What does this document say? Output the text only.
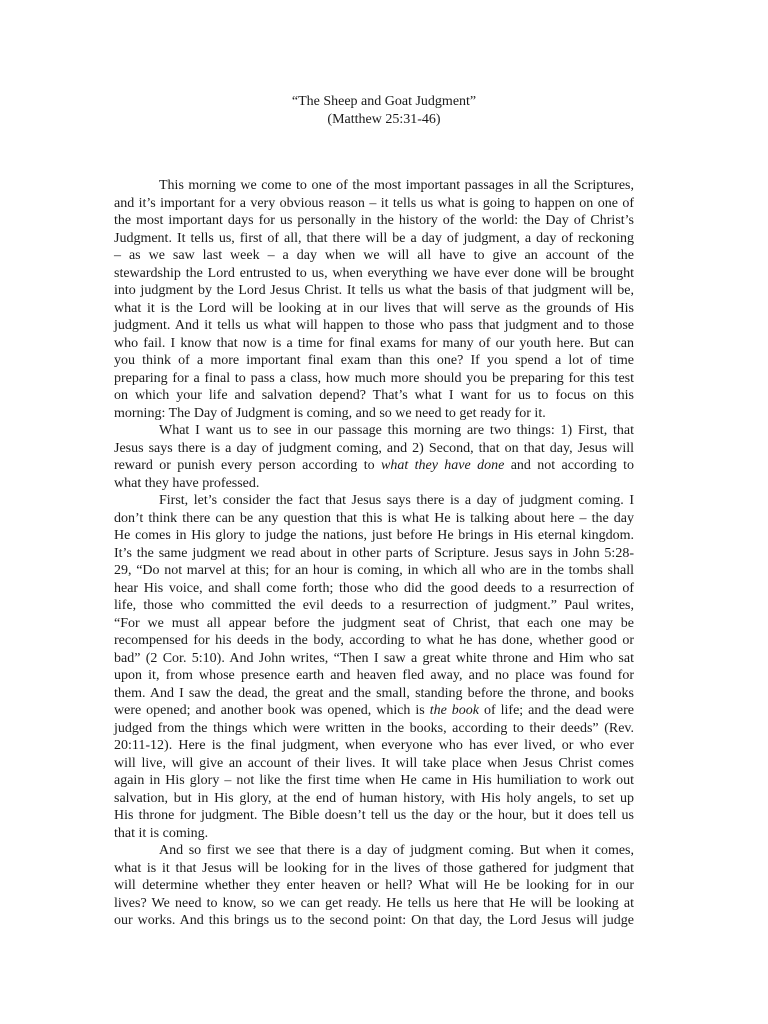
“The Sheep and Goat Judgment”
(Matthew 25:31-46)
This morning we come to one of the most important passages in all the Scriptures,
and it’s important for a very obvious reason – it tells us what is going to happen on one of
the most important days for us personally in the history of the world: the Day of Christ’s
Judgment. It tells us, first of all, that there will be a day of judgment, a day of reckoning
– as we saw last week – a day when we will all have to give an account of the
stewardship the Lord entrusted to us, when everything we have ever done will be brought
into judgment by the Lord Jesus Christ. It tells us what the basis of that judgment will be,
what it is the Lord will be looking at in our lives that will serve as the grounds of His
judgment. And it tells us what will happen to those who pass that judgment and to those
who fail. I know that now is a time for final exams for many of our youth here. But can
you think of a more important final exam than this one? If you spend a lot of time
preparing for a final to pass a class, how much more should you be preparing for this test
on which your life and salvation depend? That’s what I want for us to focus on this
morning: The Day of Judgment is coming, and so we need to get ready for it.
What I want us to see in our passage this morning are two things: 1) First, that
Jesus says there is a day of judgment coming, and 2) Second, that on that day, Jesus will
reward or punish every person according to what they have done and not according to
what they have professed.
First, let’s consider the fact that Jesus says there is a day of judgment coming. I
don’t think there can be any question that this is what He is talking about here – the day
He comes in His glory to judge the nations, just before He brings in His eternal kingdom.
It’s the same judgment we read about in other parts of Scripture. Jesus says in John 5:28-
29, “Do not marvel at this; for an hour is coming, in which all who are in the tombs shall
hear His voice, and shall come forth; those who did the good deeds to a resurrection of
life, those who committed the evil deeds to a resurrection of judgment.” Paul writes,
“For we must all appear before the judgment seat of Christ, that each one may be
recompensed for his deeds in the body, according to what he has done, whether good or
bad” (2 Cor. 5:10). And John writes, “Then I saw a great white throne and Him who sat
upon it, from whose presence earth and heaven fled away, and no place was found for
them. And I saw the dead, the great and the small, standing before the throne, and books
were opened; and another book was opened, which is the book of life; and the dead were
judged from the things which were written in the books, according to their deeds” (Rev.
20:11-12). Here is the final judgment, when everyone who has ever lived, or who ever
will live, will give an account of their lives. It will take place when Jesus Christ comes
again in His glory – not like the first time when He came in His humiliation to work out
salvation, but in His glory, at the end of human history, with His holy angels, to set up
His throne for judgment. The Bible doesn’t tell us the day or the hour, but it does tell us
that it is coming.
And so first we see that there is a day of judgment coming. But when it comes,
what is it that Jesus will be looking for in the lives of those gathered for judgment that
will determine whether they enter heaven or hell? What will He be looking for in our
lives? We need to know, so we can get ready. He tells us here that He will be looking at
our works. And this brings us to the second point: On that day, the Lord Jesus will judge
